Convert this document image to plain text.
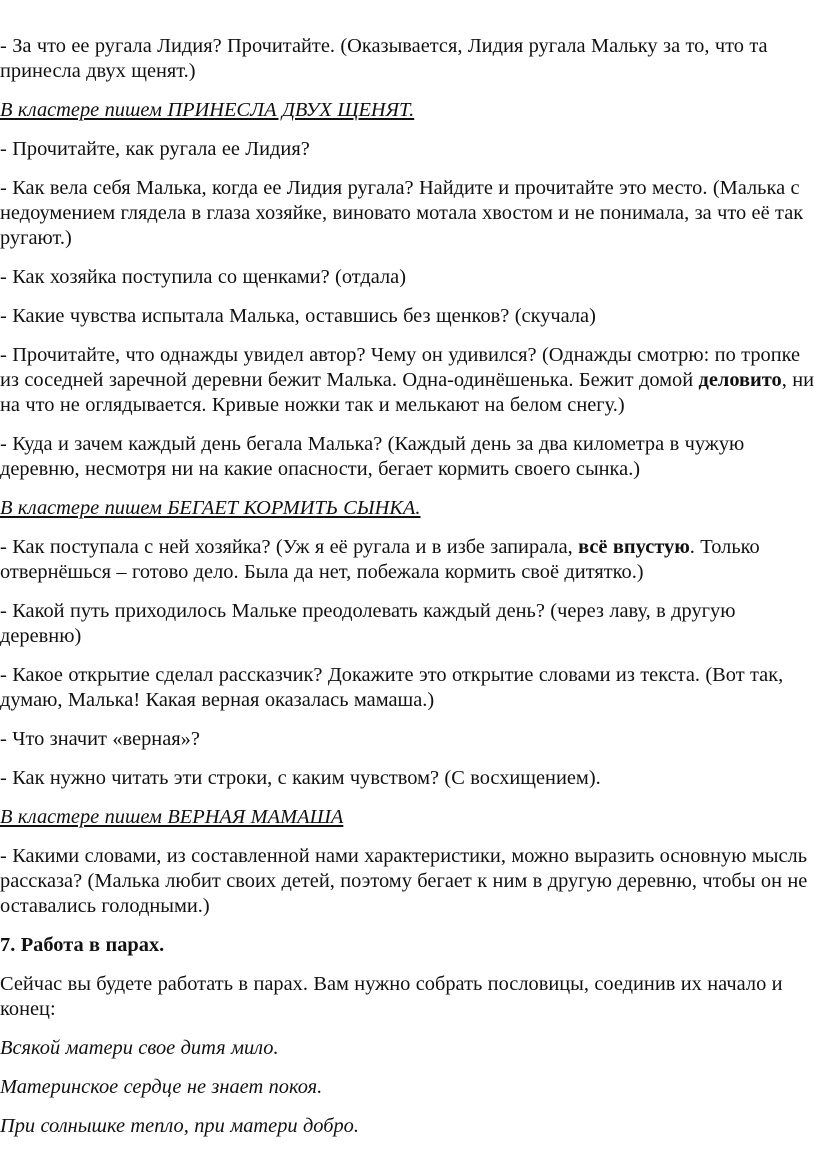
- За что ее ругала Лидия? Прочитайте. (Оказывается, Лидия ругала Мальку за то, что та принесла двух щенят.)

В кластере пишем ПРИНЕСЛА ДВУХ ЩЕНЯТ.

- Прочитайте, как ругала ее Лидия?

- Как вела себя Малька, когда ее Лидия ругала? Найдите и прочитайте это место. (Малька с недоумением глядела в глаза хозяйке, виновато мотала хвостом и не понимала, за что её так ругают.)

- Как хозяйка поступила со щенками? (отдала)

- Какие чувства испытала Малька, оставшись без щенков? (скучала)

- Прочитайте, что однажды увидел автор? Чему он удивился? (Однажды смотрю: по тропке из соседней заречной деревни бежит Малька. Одна-одинёшенька. Бежит домой деловито, ни на что не оглядывается. Кривые ножки так и мелькают на белом снегу.)

- Куда и зачем каждый день бегала Малька? (Каждый день за два километра в чужую деревню, несмотря ни на какие опасности, бегает кормить своего сынка.)

В кластере пишем БЕГАЕТ КОРМИТЬ СЫНКА.

- Как поступала с ней хозяйка? (Уж я её ругала и в избе запирала, всё впустую. Только отвернёшься – готово дело. Была да нет, побежала кормить своё дитятко.)

- Какой путь приходилось Мальке преодолевать каждый день? (через лаву, в другую деревню)

- Какое открытие сделал рассказчик? Докажите это открытие словами из текста. (Вот так, думаю, Малька! Какая верная оказалась мамаша.)

- Что значит «верная»?

- Как нужно читать эти строки, с каким чувством? (С восхищением).

В кластере пишем ВЕРНАЯ МАМАША

- Какими словами, из составленной нами характеристики, можно выразить основную мысль рассказа? (Малька любит своих детей, поэтому бегает к ним в другую деревню, чтобы он не оставались голодными.)

7. Работа в парах.

Сейчас вы будете работать в парах. Вам нужно собрать пословицы, соединив их начало и конец:

Всякой матери свое дитя мило.

Материнское сердце не знает покоя.

При солнышке тепло, при матери добро.
